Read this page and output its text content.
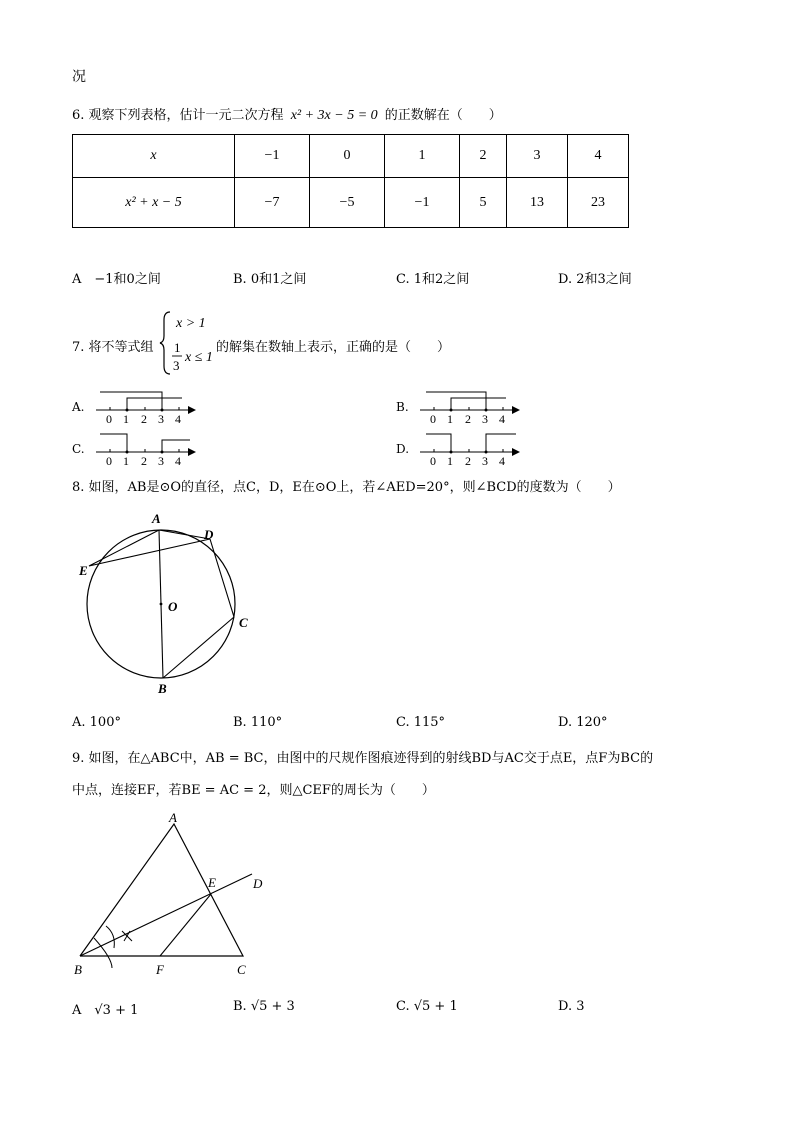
况
6. 观察下列表格，估计一元二次方程 x² + 3x − 5 = 0 的正数解在（　　）
x	−1	0	1	2	3	4
x² + x − 5	−7	−5	−1	5	13	23
A　−1和0之间	B. 0和1之间	C. 1和2之间	D. 2和3之间
7. 将不等式组
x > 1
1
3
x ≤ 1
的解集在数轴上表示，正确的是（　　）
A.
0 1 2 3 4
B.
0 1 2 3 4
C.
0 1 2 3 4
D.
0 1 2 3 4
8. 如图，AB是⊙O的直径，点C，D，E在⊙O上，若∠AED=20°，则∠BCD的度数为（　　）
A
D
E
O
C
B
A. 100°	B. 110°	C. 115°	D. 120°
9. 如图，在△ABC中，AB = BC，由图中的尺规作图痕迹得到的射线BD与AC交于点E，点F为BC的
中点，连接EF，若BE = AC = 2，则△CEF的周长为（　　）
A
E	D
B	F	C
A　√3 + 1	B. √5 + 3	C. √5 + 1	D. 3
